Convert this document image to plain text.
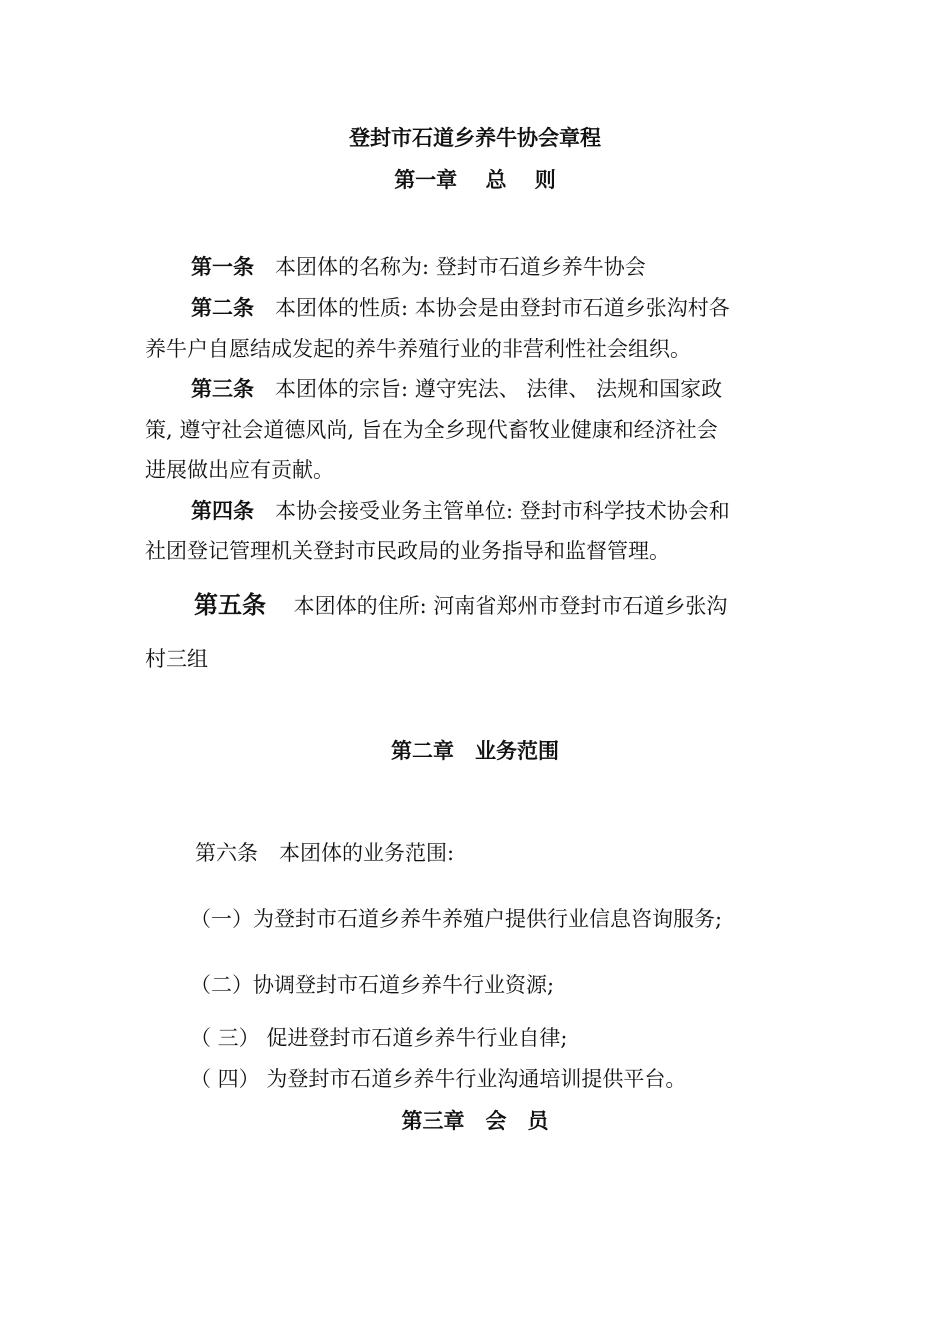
登封市石道乡养牛协会章程
第一章　 总　 则
第一条　本团体的名称为: 登封市石道乡养牛协会
第二条　本团体的性质: 本协会是由登封市石道乡张沟村各
养牛户自愿结成发起的养牛养殖行业的非营利性社会组织。
第三条　本团体的宗旨: 遵守宪法、 法律、 法规和国家政
策, 遵守社会道德风尚, 旨在为全乡现代畜牧业健康和经济社会
进展做出应有贡献。
第四条　本协会接受业务主管单位: 登封市科学技术协会和
社团登记管理机关登封市民政局的业务指导和监督管理。
第五条　 本团体的住所: 河南省郑州市登封市石道乡张沟
村三组
第二章　业务范围
第六条　本团体的业务范围:
（一）为登封市石道乡养牛养殖户提供行业信息咨询服务;
（二）协调登封市石道乡养牛行业资源;
（ 三） 促进登封市石道乡养牛行业自律;
（ 四） 为登封市石道乡养牛行业沟通培训提供平台。
第三章　会　员
